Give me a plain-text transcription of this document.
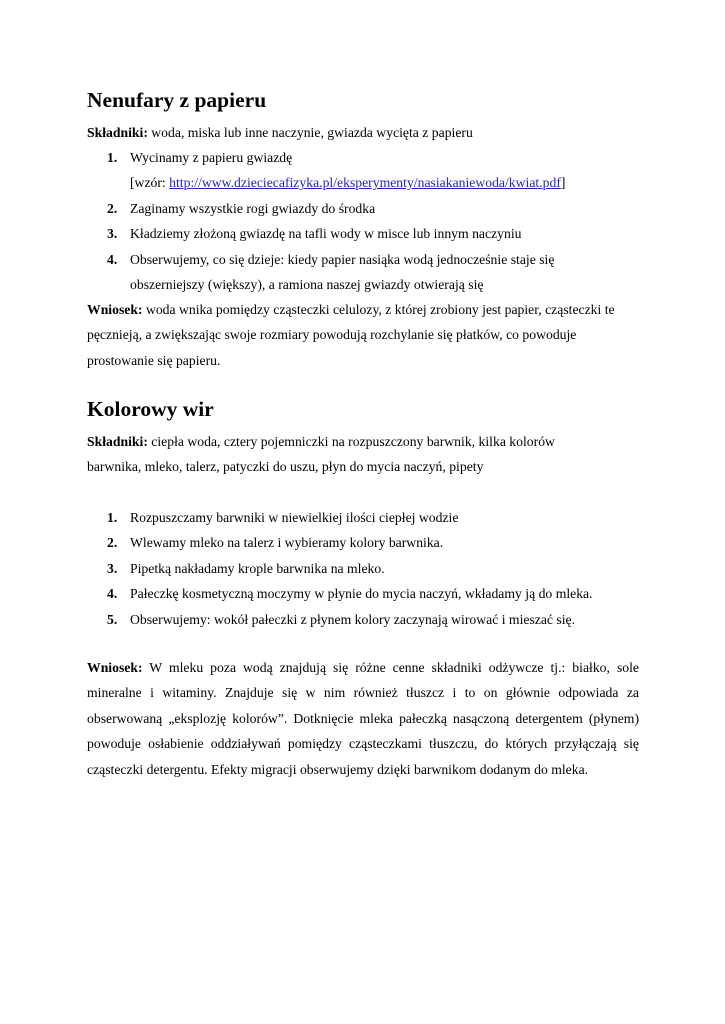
Nenufary z papieru

Składniki: woda, miska lub inne naczynie, gwiazda wycięta z papieru

1. Wycinamy z papieru gwiazdę
[wzór: http://www.dzieciecafizyka.pl/eksperymenty/nasiakaniewoda/kwiat.pdf]
2. Zaginamy wszystkie rogi gwiazdy do środka
3. Kładziemy złożoną gwiazdę na tafli wody w misce lub innym naczyniu
4. Obserwujemy, co się dzieje: kiedy papier nasiąka wodą jednocześnie staje się obszerniejszy (większy), a ramiona naszej gwiazdy otwierają się

Wniosek: woda wnika pomiędzy cząsteczki celulozy, z której zrobiony jest papier, cząsteczki te pęcznieją, a zwiększając swoje rozmiary powodują rozchylanie się płatków, co powoduje prostowanie się papieru.

Kolorowy wir

Składniki: ciepła woda, cztery pojemniczki na rozpuszczony barwnik, kilka kolorów barwnika, mleko, talerz, patyczki do uszu, płyn do mycia naczyń, pipety

1. Rozpuszczamy barwniki w niewielkiej ilości ciepłej wodzie
2. Wlewamy mleko na talerz i wybieramy kolory barwnika.
3. Pipetką nakładamy krople barwnika na mleko.
4. Pałeczkę kosmetyczną moczymy w płynie do mycia naczyń, wkładamy ją do mleka.
5. Obserwujemy: wokół pałeczki z płynem kolory zaczynają wirować i mieszać się.

Wniosek: W mleku poza wodą znajdują się różne cenne składniki odżywcze tj.: białko, sole mineralne i witaminy. Znajduje się w nim również tłuszcz i to on głównie odpowiada za obserwowaną „eksplozję kolorów”. Dotknięcie mleka pałeczką nasączoną detergentem (płynem) powoduje osłabienie oddziaływań pomiędzy cząsteczkami tłuszczu, do których przyłączają się cząsteczki detergentu. Efekty migracji obserwujemy dzięki barwnikom dodanym do mleka.
